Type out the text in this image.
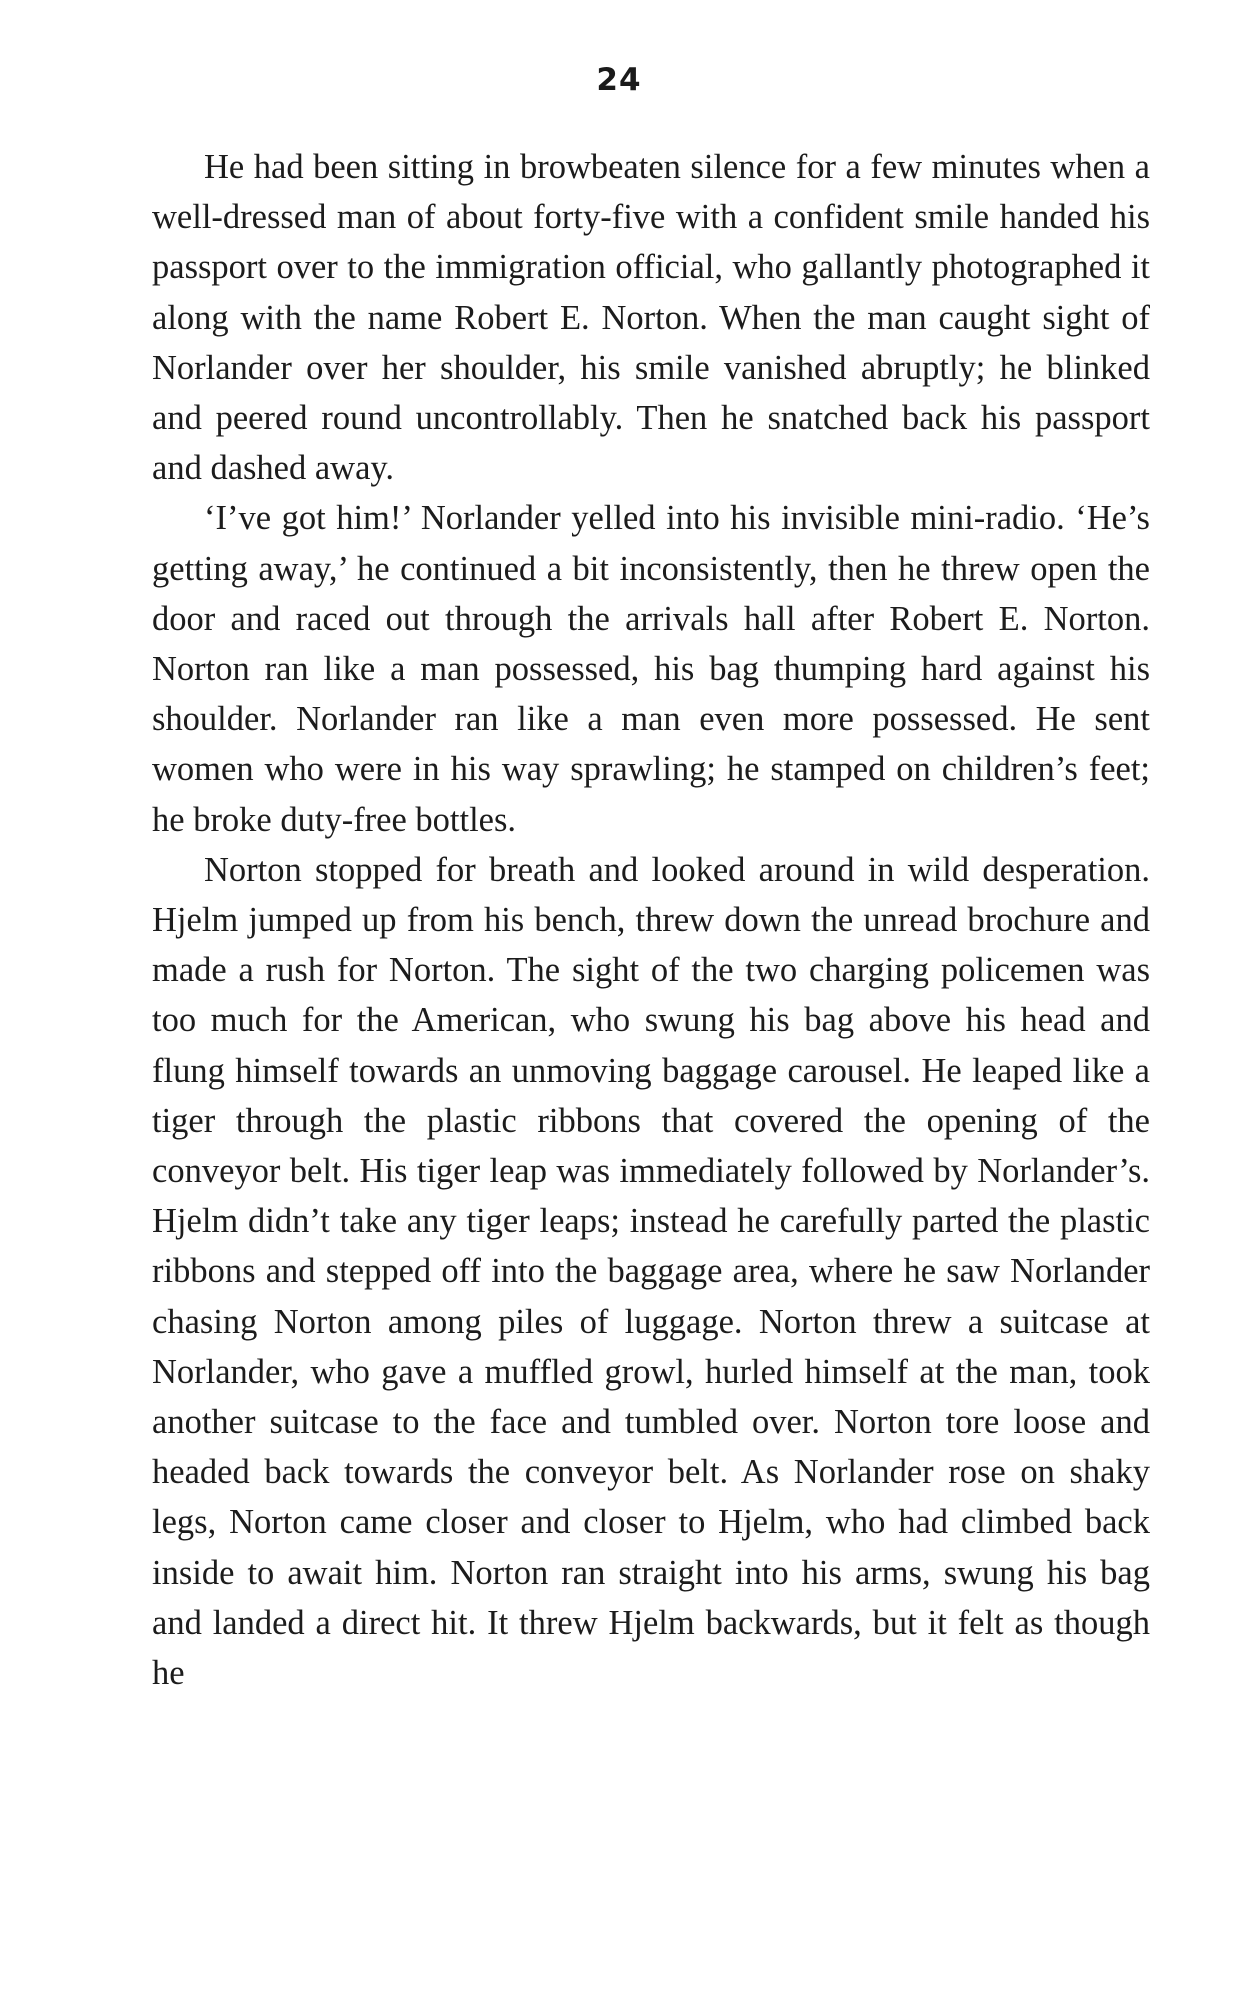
24

He had been sitting in browbeaten silence for a few minutes when a well-dressed man of about forty-five with a confident smile handed his passport over to the immigration official, who gallantly photographed it along with the name Robert E. Norton. When the man caught sight of Norlander over her shoulder, his smile vanished abruptly; he blinked and peered round uncontrollably. Then he snatched back his passport and dashed away.

‘I’ve got him!’ Norlander yelled into his invisible mini-radio. ‘He’s getting away,’ he continued a bit inconsistently, then he threw open the door and raced out through the arrivals hall after Robert E. Norton. Norton ran like a man possessed, his bag thumping hard against his shoulder. Norlander ran like a man even more possessed. He sent women who were in his way sprawling; he stamped on children’s feet; he broke duty-free bottles.

Norton stopped for breath and looked around in wild desperation. Hjelm jumped up from his bench, threw down the unread brochure and made a rush for Norton. The sight of the two charging policemen was too much for the American, who swung his bag above his head and flung himself towards an unmoving baggage carousel. He leaped like a tiger through the plastic ribbons that covered the opening of the conveyor belt. His tiger leap was immediately followed by Norlander’s. Hjelm didn’t take any tiger leaps; instead he carefully parted the plastic ribbons and stepped off into the baggage area, where he saw Norlander chasing Norton among piles of luggage. Norton threw a suitcase at Norlander, who gave a muffled growl, hurled himself at the man, took another suitcase to the face and tumbled over. Norton tore loose and headed back towards the conveyor belt. As Norlander rose on shaky legs, Norton came closer and closer to Hjelm, who had climbed back inside to await him. Norton ran straight into his arms, swung his bag and landed a direct hit. It threw Hjelm backwards, but it felt as though he
